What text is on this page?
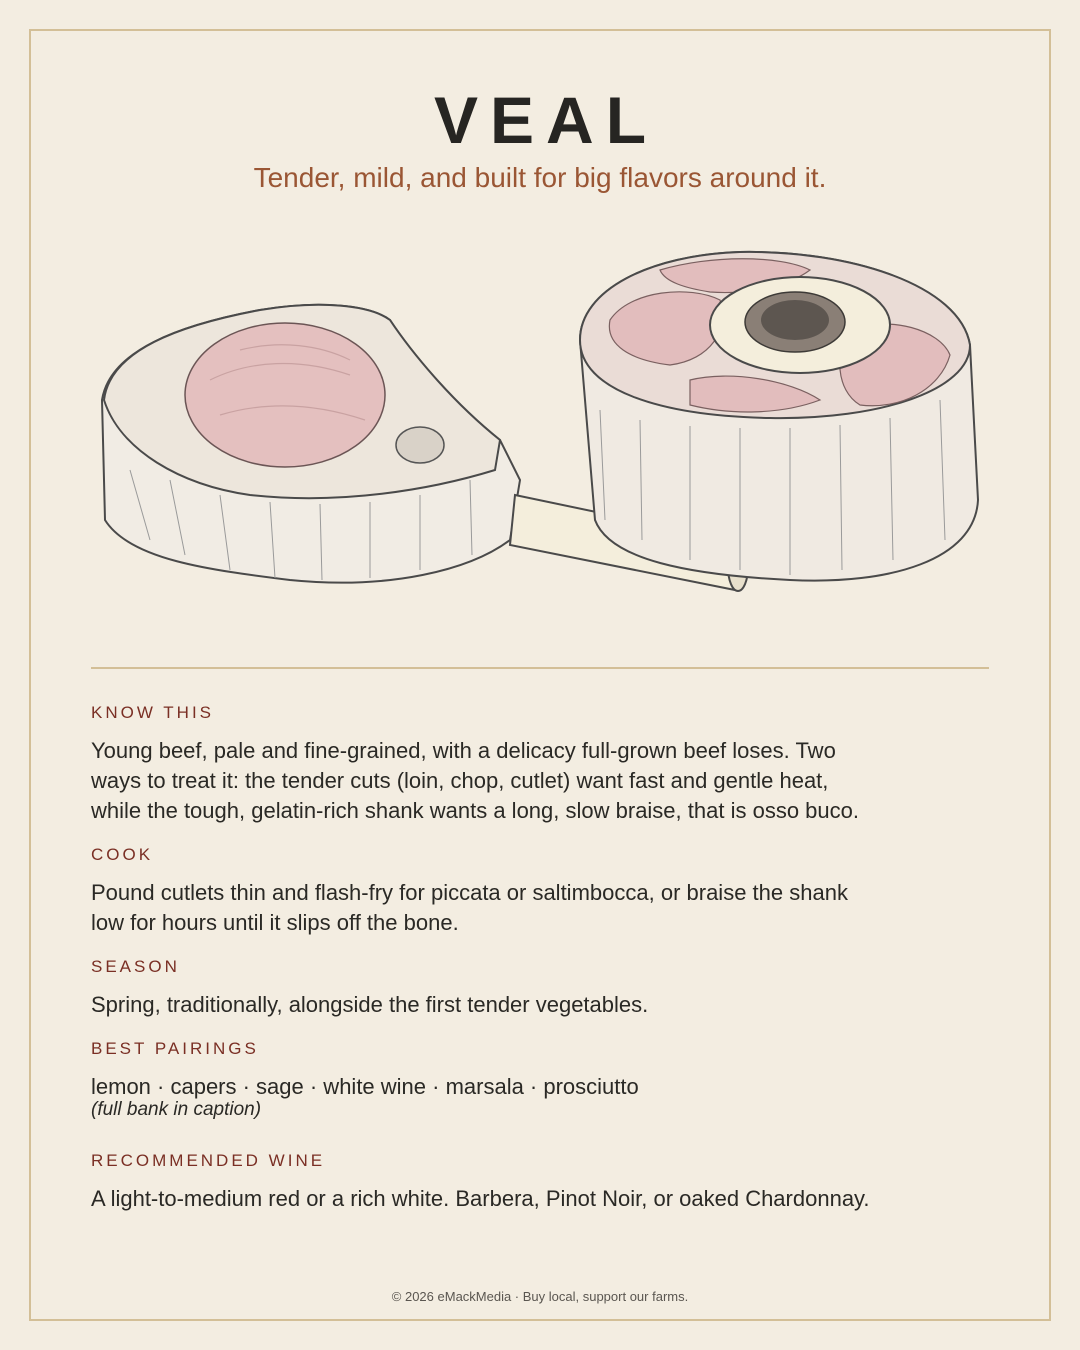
VEAL
Tender, mild, and built for big flavors around it.
KNOW THIS
Young beef, pale and fine-grained, with a delicacy full-grown beef loses. Two
ways to treat it: the tender cuts (loin, chop, cutlet) want fast and gentle heat,
while the tough, gelatin-rich shank wants a long, slow braise, that is osso buco.
COOK
Pound cutlets thin and flash-fry for piccata or saltimbocca, or braise the shank
low for hours until it slips off the bone.
SEASON
Spring, traditionally, alongside the first tender vegetables.
BEST PAIRINGS
lemon · capers · sage · white wine · marsala · prosciutto
(full bank in caption)
RECOMMENDED WINE
A light-to-medium red or a rich white. Barbera, Pinot Noir, or oaked Chardonnay.
© 2026 eMackMedia · Buy local, support our farms.
